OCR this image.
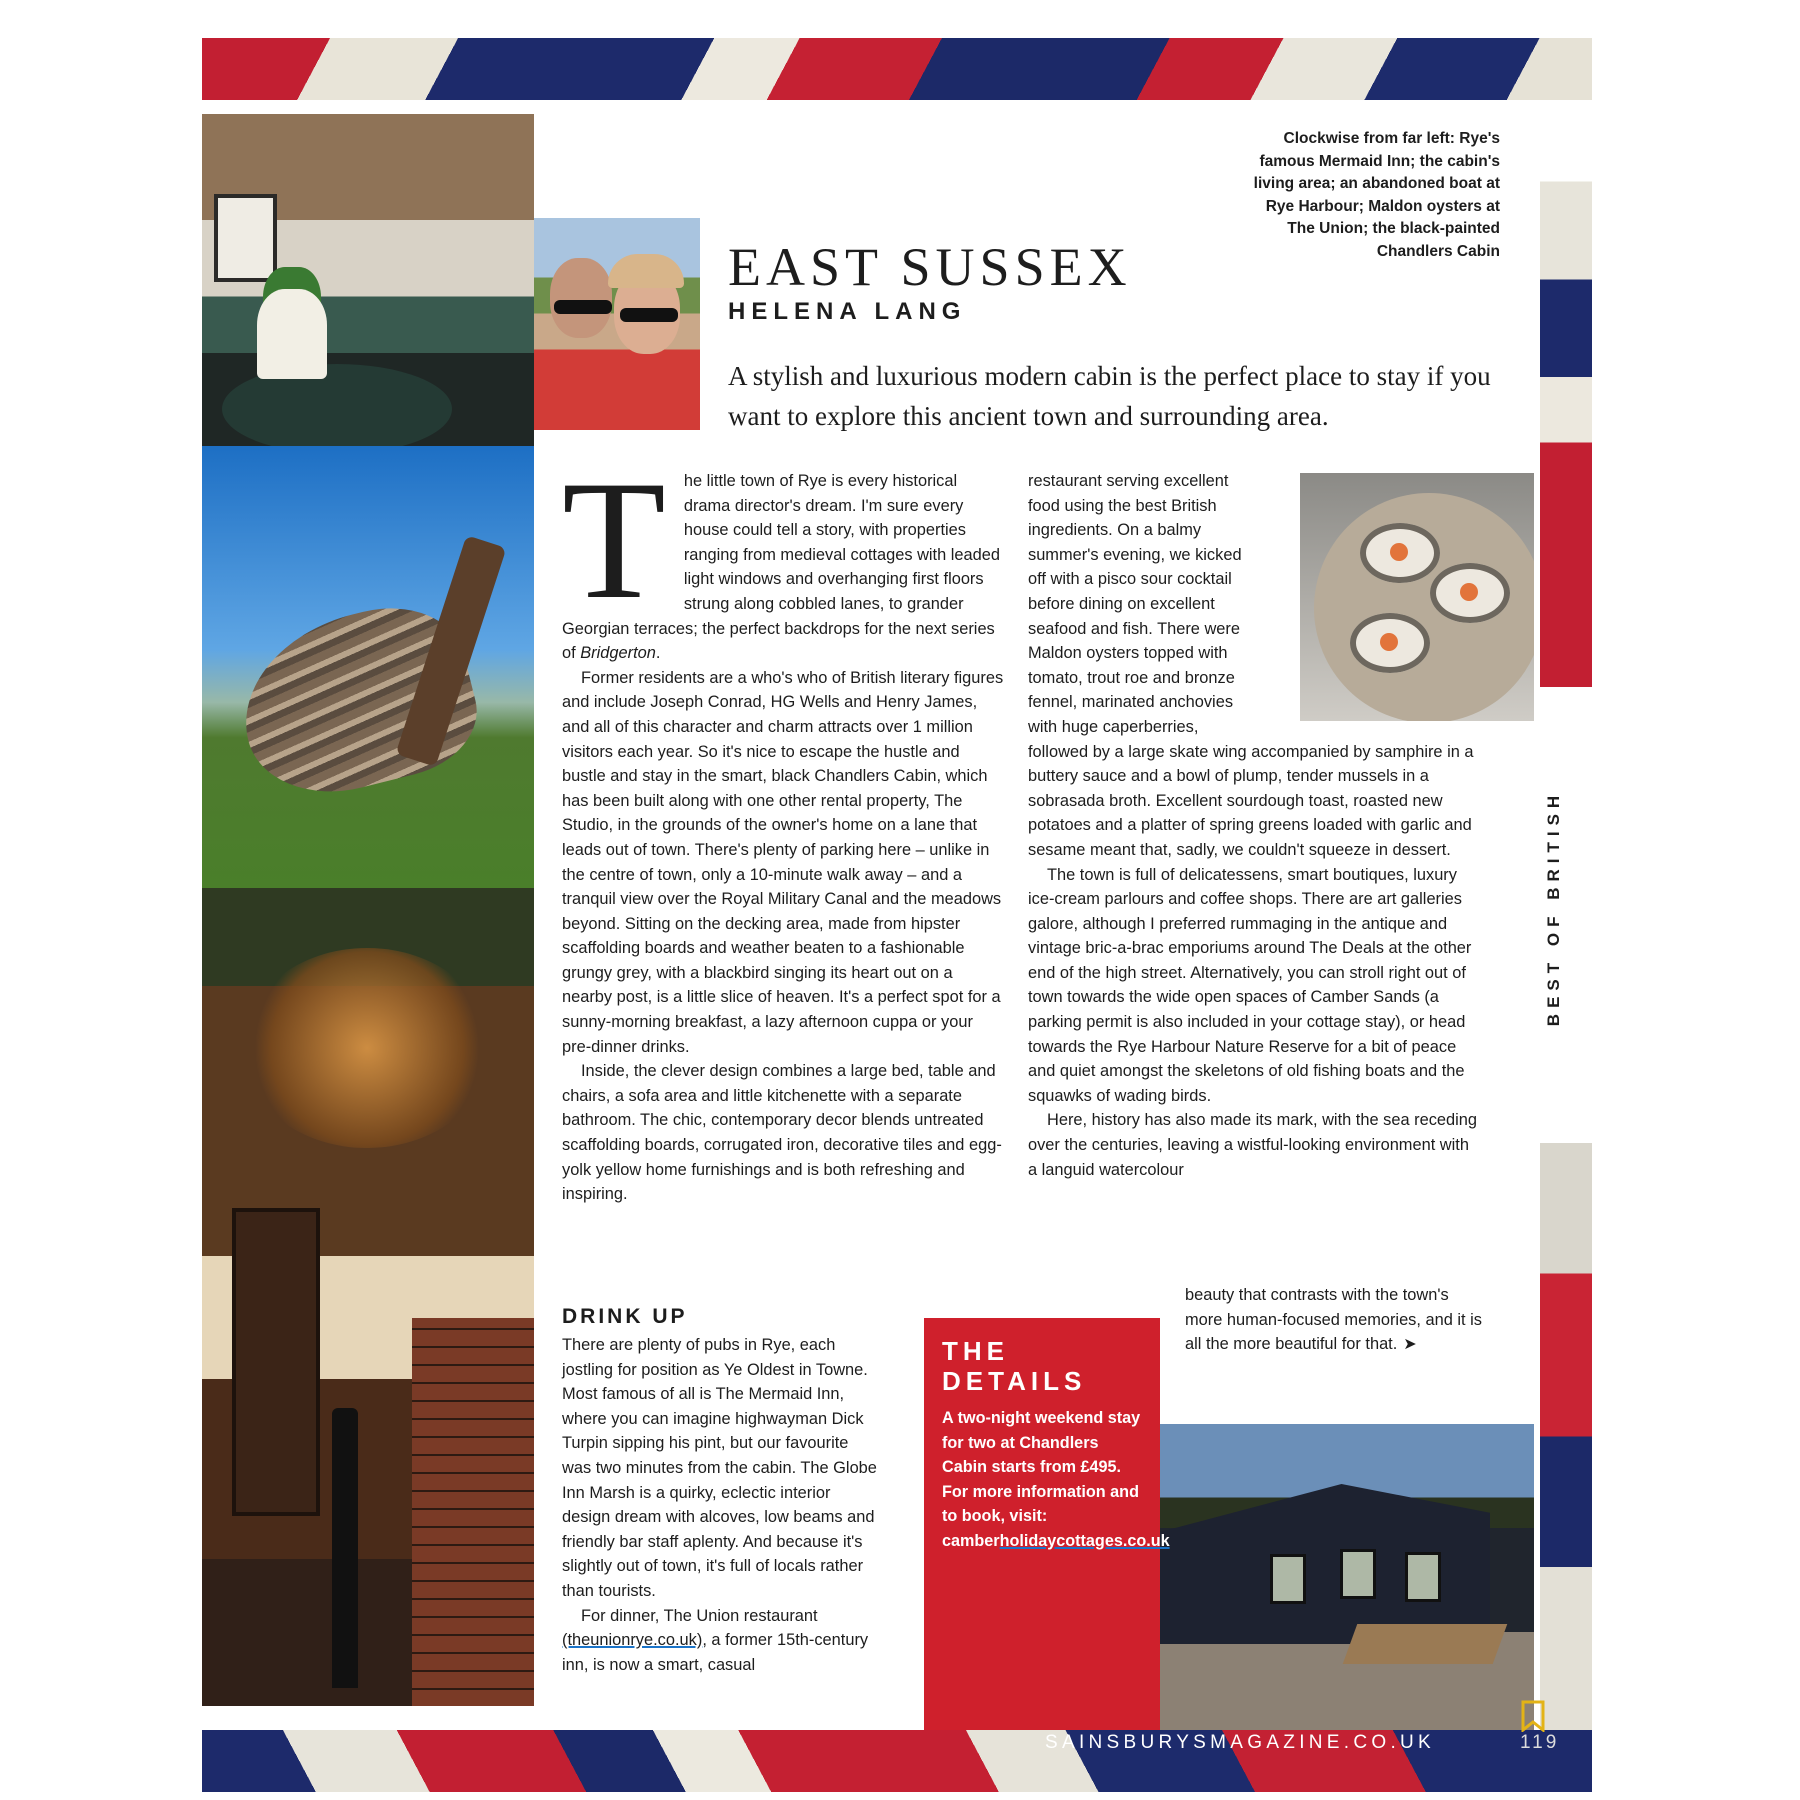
EAST SUSSEX
HELENA LANG
A stylish and luxurious modern cabin is the perfect place to stay if you want to explore this ancient town and surrounding area.
Clockwise from far left: Rye's famous Mermaid Inn; the cabin's living area; an abandoned boat at Rye Harbour; Maldon oysters at The Union; the black-painted Chandlers Cabin
T	he little town of Rye is every historical drama director's dream. I'm sure every house could tell a story, with properties ranging from medieval cottages with leaded light windows and overhanging first floors strung along cobbled lanes, to grander Georgian terraces; the perfect backdrops for the next series of Bridgerton.

Former residents are a who's who of British literary figures and include Joseph Conrad, HG Wells and Henry James, and all of this character and charm attracts over 1 million visitors each year. So it's nice to escape the hustle and bustle and stay in the smart, black Chandlers Cabin, which has been built along with one other rental property, The Studio, in the grounds of the owner's home on a lane that leads out of town. There's plenty of parking here – unlike in the centre of town, only a 10-minute walk away – and a tranquil view over the Royal Military Canal and the meadows beyond. Sitting on the decking area, made from hipster scaffolding boards and weather beaten to a fashionable grungy grey, with a blackbird singing its heart out on a nearby post, is a little slice of heaven. It's a perfect spot for a sunny-morning breakfast, a lazy afternoon cuppa or your pre-dinner drinks.

Inside, the clever design combines a large bed, table and chairs, a sofa area and little kitchenette with a separate bathroom. The chic, contemporary decor blends untreated scaffolding boards, corrugated iron, decorative tiles and egg-yolk yellow home furnishings and is both refreshing and inspiring.

DRINK UP

There are plenty of pubs in Rye, each jostling for position as Ye Oldest in Towne. Most famous of all is The Mermaid Inn, where you can imagine highwayman Dick Turpin sipping his pint, but our favourite was two minutes from the cabin. The Globe Inn Marsh is a quirky, eclectic interior design dream with alcoves, low beams and friendly bar staff aplenty. And because it's slightly out of town, it's full of locals rather than tourists.

For dinner, The Union restaurant (theunionrye.co.uk), a former 15th-century inn, is now a smart, casual

restaurant serving excellent food using the best British ingredients. On a balmy summer's evening, we kicked off with a pisco sour cocktail before dining on excellent seafood and fish. There were Maldon oysters topped with tomato, trout roe and bronze fennel, marinated anchovies with huge caperberries, followed by a large skate wing accompanied by samphire in a buttery sauce and a bowl of plump, tender mussels in a sobrasada broth. Excellent sourdough toast, roasted new potatoes and a platter of spring greens loaded with garlic and sesame meant that, sadly, we couldn't squeeze in dessert.

The town is full of delicatessens, smart boutiques, luxury ice-cream parlours and coffee shops. There are art galleries galore, although I preferred rummaging in the antique and vintage bric-a-brac emporiums around The Deals at the other end of the high street. Alternatively, you can stroll right out of town towards the wide open spaces of Camber Sands (a parking permit is also included in your cottage stay), or head towards the Rye Harbour Nature Reserve for a bit of peace and quiet amongst the skeletons of old fishing boats and the squawks of wading birds.

Here, history has also made its mark, with the sea receding over the centuries, leaving a wistful-looking environment with a languid watercolour

beauty that contrasts with the town's more human-focused memories, and it is all the more beautiful for that. ➤
THE
DETAILS

A two-night weekend stay for two at Chandlers Cabin starts from £495. For more information and to book, visit: camberholidaycottages.co.uk

BEST OF BRITISH
SAINSBURYSMAGAZINE.CO.UK	119
